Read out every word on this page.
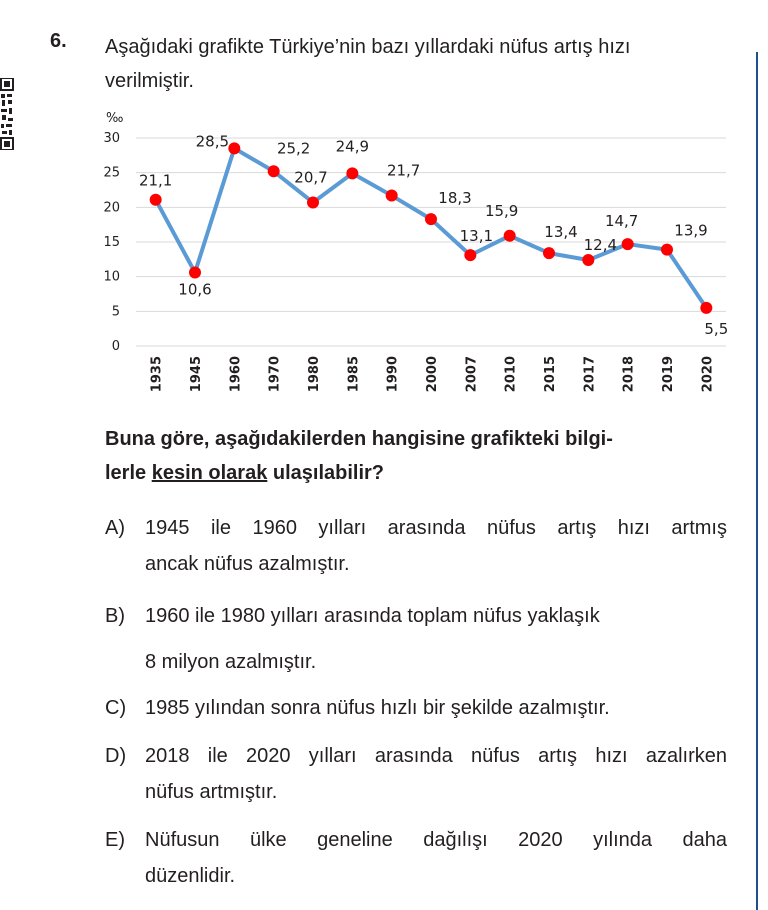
6. Aşağıdaki grafikte Türkiye’nin bazı yıllardaki nüfus artış hızı
verilmiştir.
‰
0
5
10
15
20
25
30
1935 1945 1960 1970 1980 1985 1990 2000 2007 2010 2015 2017 2018 2019 2020
21,1
10,6
28,5	25,2
20,7
24,9
21,7
18,3
13,1
15,9
13,4
12,4
14,7
13,9
5,5
Buna göre, aşağıdakilerden hangisine grafikteki bilgi-
lerle kesin olarak ulaşılabilir?
A) 1945 ile 1960 yılları arasında nüfus artış hızı artmış
ancak nüfus azalmıştır.
B) 1960 ile 1980 yılları arasında toplam nüfus yaklaşık
8 milyon azalmıştır.
C) 1985 yılından sonra nüfus hızlı bir şekilde azalmıştır.
D) 2018 ile 2020 yılları arasında nüfus artış hızı azalırken
nüfus artmıştır.
E) Nüfusun ülke geneline dağılışı 2020 yılında daha
düzenlidir.
